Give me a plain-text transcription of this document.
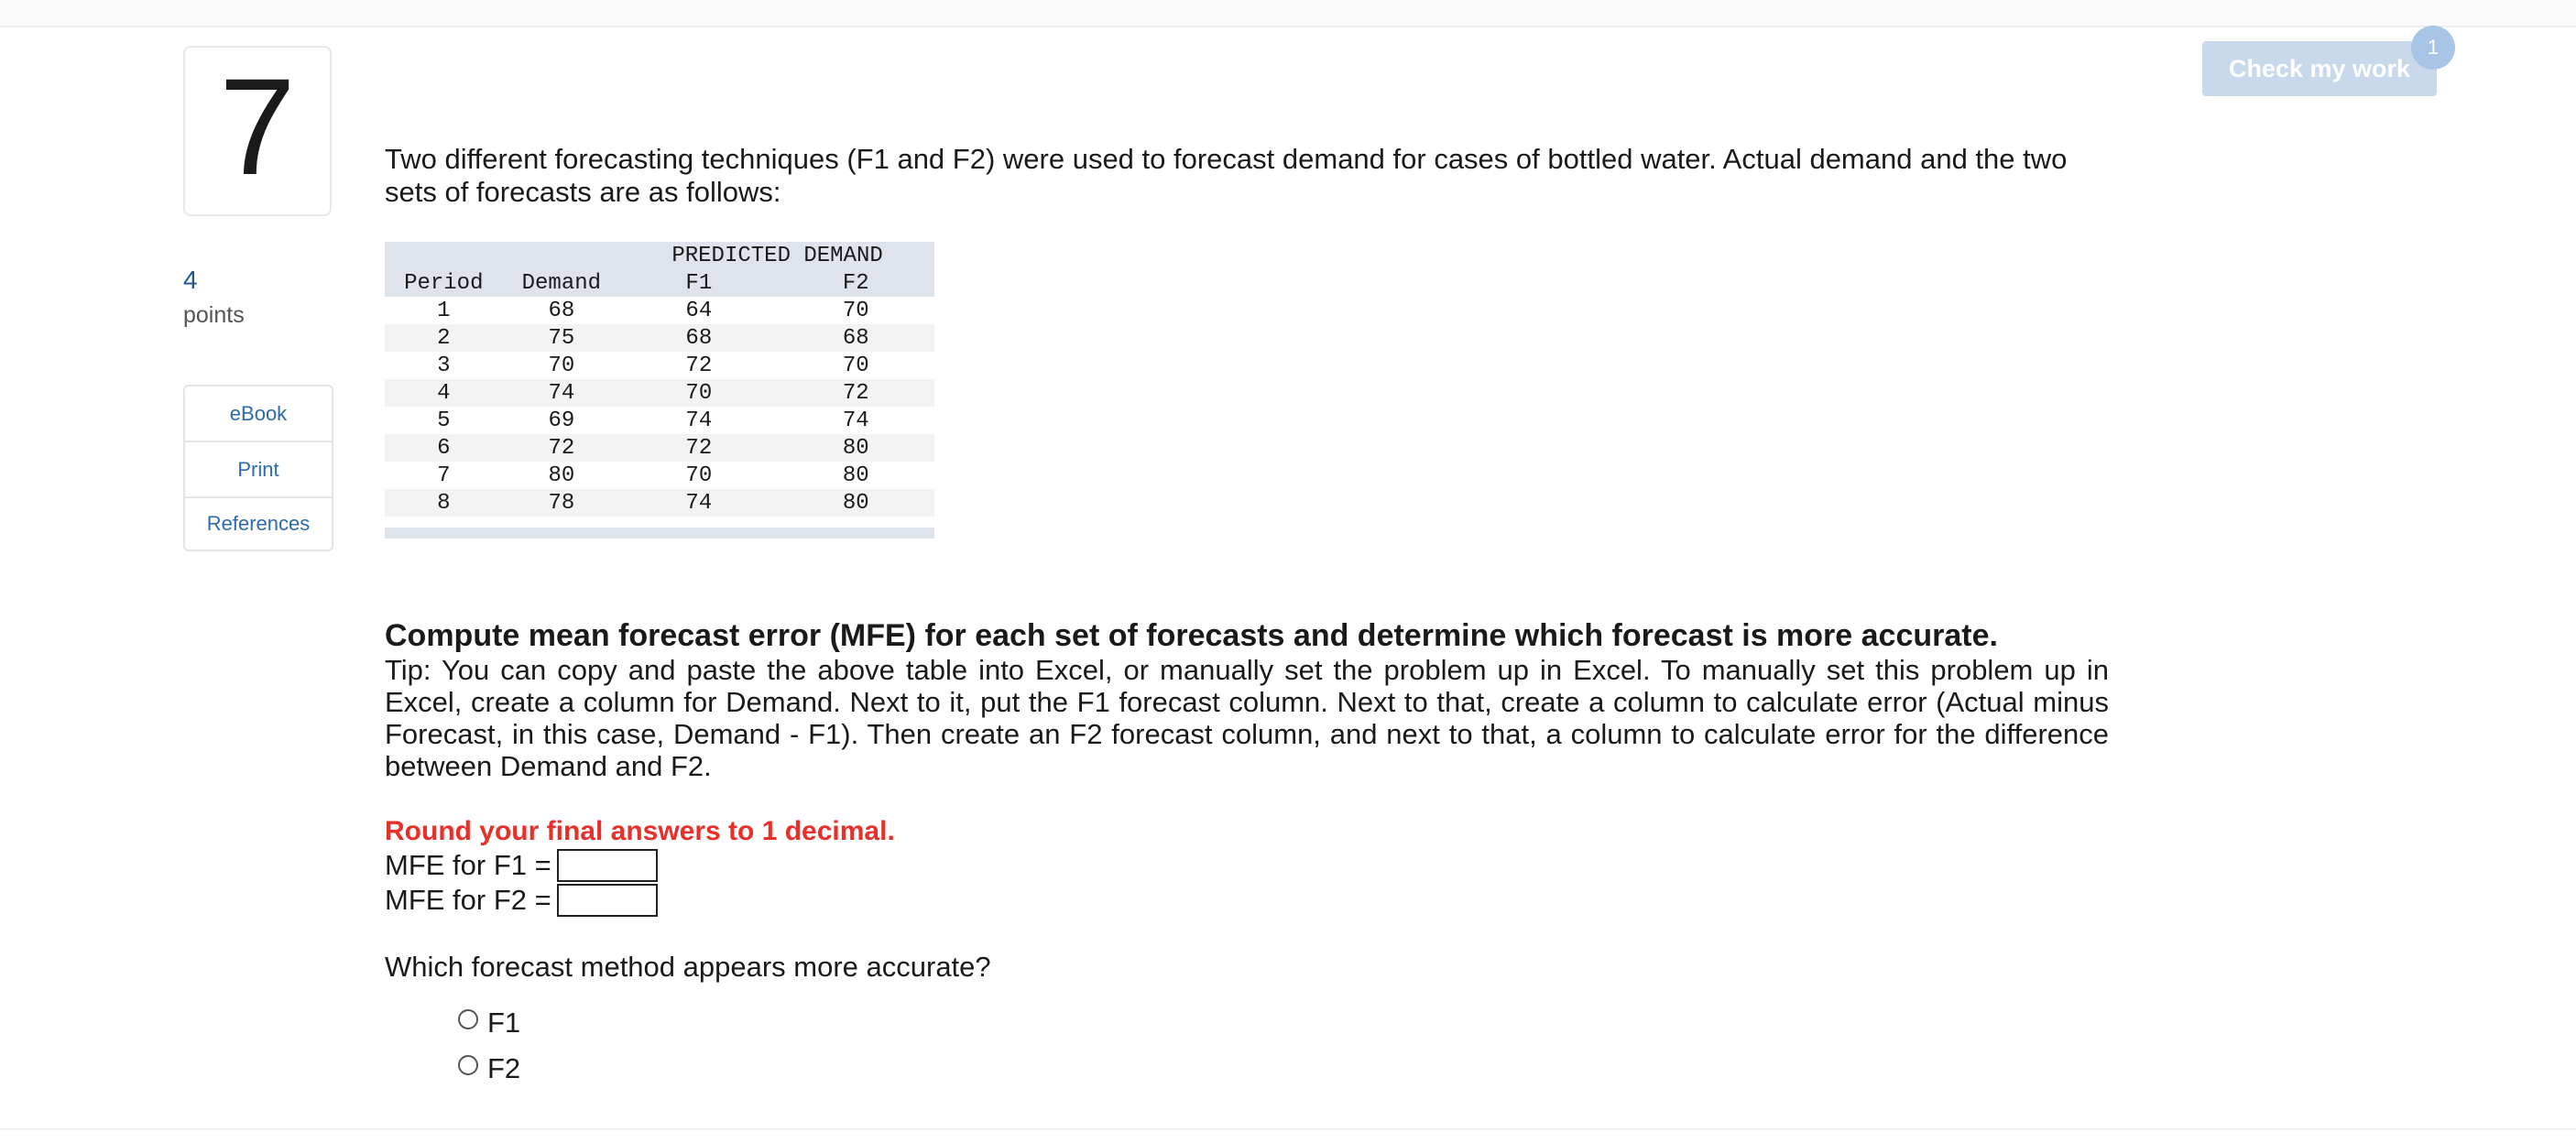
7
4
points
eBook
Print
References
Check my work
1

Two different forecasting techniques (F1 and F2) were used to forecast demand for cases of bottled water. Actual demand and the two sets of forecasts are as follows:

		PREDICTED DEMAND	
Period	Demand	F1	F2
1	68	64	70
2	75	68	68
3	70	72	70
4	74	70	72
5	69	74	74
6	72	72	80
7	80	70	80
8	78	74	80
Compute mean forecast error (MFE) for each set of forecasts and determine which forecast is more accurate.

Tip: You can copy and paste the above table into Excel, or manually set the problem up in Excel. To manually set this problem up in Excel, create a column for Demand. Next to it, put the F1 forecast column. Next to that, create a column to calculate error (Actual minus Forecast, in this case, Demand - F1). Then create an F2 forecast column, and next to that, a column to calculate error for the difference between Demand and F2.

Round your final answers to 1 decimal.
MFE for F1 =
MFE for F2 =
Which forecast method appears more accurate?
F1
F2
